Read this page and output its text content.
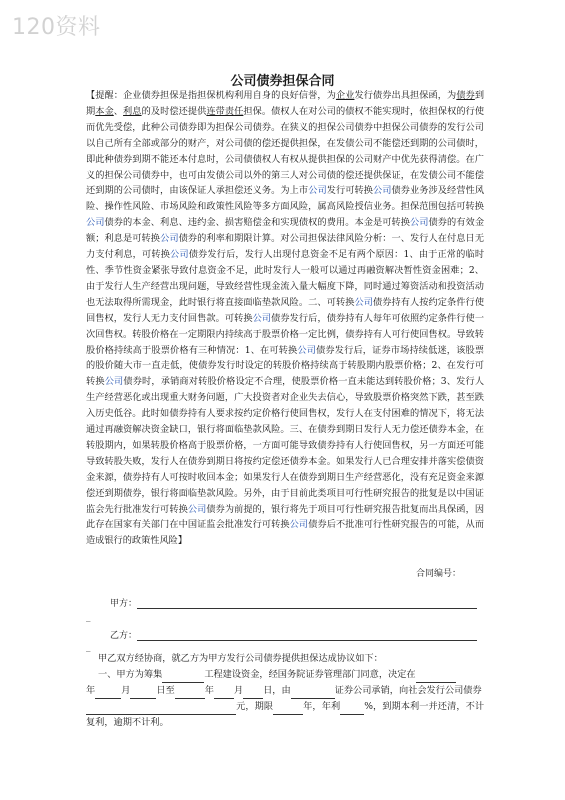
120资料
公司债券担保合同

【提醒：企业债券担保是指担保机构利用自身的良好信誉，为企业发行债券出具担保函，为债券到期本金、利息的及时偿还提供连带责任担保。债权人在对公司的债权不能实现时，依担保权的行使而优先受偿，此种公司债券即为担保公司债券。在狭义的担保公司债券中担保公司债券的发行公司以自己所有全部或部分的财产，对公司债的偿还提供担保，在发债公司不能偿还到期的公司债时，即此种债券到期不能还本付息时，公司债债权人有权从提供担保的公司财产中优先获得清偿。在广义的担保公司债券中，也可由发债公司以外的第三人对公司债的偿还提供保证，在发债公司不能偿还到期的公司债时，由该保证人承担偿还义务。为上市公司发行可转换公司债券业务涉及经营性风险、操作性风险、市场风险和政策性风险等多方面风险，属高风险授信业务。担保范围包括可转换公司债券的本金、利息、违约金、损害赔偿金和实现债权的费用。本金是可转换公司债券的有效金额；利息是可转换公司债券的利率和期限计算。对公司担保法律风险分析：一、发行人在付息日无力支付利息，可转换公司债券发行后，发行人出现付息资金不足有两个原因：1、由于正常的临时性、季节性资金紧张导致付息资金不足，此时发行人一般可以通过再融资解决暂性资金困难；2、由于发行人生产经营出现问题，导致经营性现金流入量大幅度下降，同时通过筹资活动和投资活动也无法取得所需现金，此时银行将直接面临垫款风险。二、可转换公司债券持有人按约定条件行使回售权，发行人无力支付回售款。可转换公司债券发行后，债券持有人每年可依照约定条件行使一次回售权。转股价格在一定期限内持续高于股票价格一定比例，债券持有人可行使回售权。导致转股价格持续高于股票价格有三种情况：1、在可转换公司债券发行后，证券市场持续低迷，该股票的股价随大市一直走低，使债券发行时设定的转股价格持续高于转股期内股票价格；2、在发行可转换公司债券时，承销商对转股价格设定不合理，使股票价格一直未能达到转股价格；3、发行人生产经营恶化或出现重大财务问题，广大投资者对企业失去信心，导致股票价格突然下跌，甚至跌入历史低谷。此时如债券持有人要求按约定价格行使回售权，发行人在支付困难的情况下，将无法通过再融资解决资金缺口，银行将面临垫款风险。三、在债券到期日发行人无力偿还债券本金，在转股期内，如果转股价格高于股票价格，一方面可能导致债券持有人行使回售权，另一方面还可能导致转股失败，发行人在债券到期日将按约定偿还债券本金。如果发行人已合理安排并落实偿债资金来源，债券持有人可按时收回本金；如果发行人在债券到期日生产经营恶化，没有充足资金来源偿还到期债券，银行将面临垫款风险。另外，由于目前此类项目可行性研究报告的批复是以中国证监会先行批准发行可转换公司债券为前提的，银行将先于项目可行性研究报告批复而出具保函，因此存在国家有关部门在中国证监会批准发行可转换公司债券后不批准可行性研究报告的可能，从而造成银行的政策性风险】

合同编号：
甲方：
_
乙方：
_

甲乙双方经协商，就乙方为甲方发行公司债券提供担保达成协议如下：
一、甲方为筹集	工程建设资金，经国务院证券管理部门同意，决定在
年	月	日至	年 月 日，由	证券公司承销，向社会发行公司债券
元，期限	年，年利	%，到期本利一并还清，不计复利，逾期不计利。
